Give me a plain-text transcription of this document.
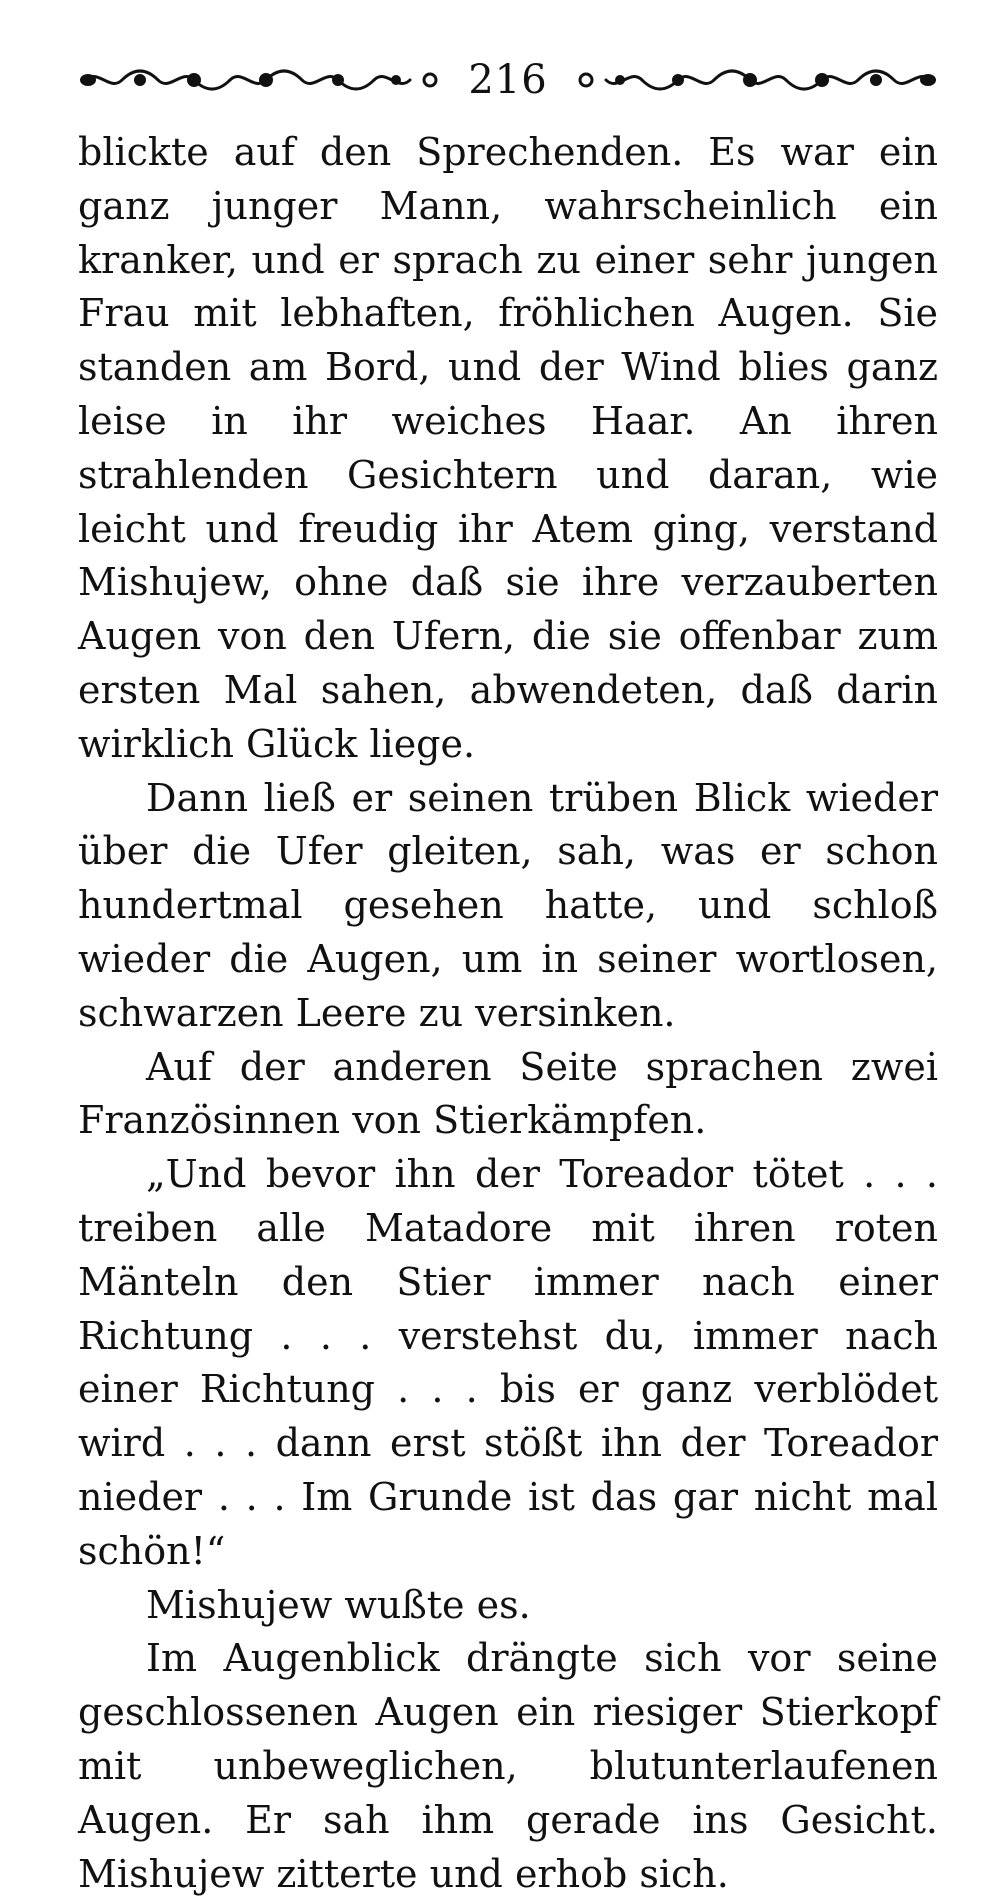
216

blickte auf den Sprechenden. Es war ein ganz junger Mann, wahrscheinlich ein kranker, und er sprach zu einer sehr jungen Frau mit lebhaften, fröhlichen Augen. Sie standen am Bord, und der Wind blies ganz leise in ihr weiches Haar. An ihren strahlenden Gesichtern und daran, wie leicht und freudig ihr Atem ging, verstand Mishujew, ohne daß sie ihre verzauberten Augen von den Ufern, die sie offenbar zum ersten Mal sahen, abwendeten, daß darin wirklich Glück liege.

Dann ließ er seinen trüben Blick wieder über die Ufer gleiten, sah, was er schon hundertmal gesehen hatte, und schloß wieder die Augen, um in seiner wortlosen, schwarzen Leere zu versinken.

Auf der anderen Seite sprachen zwei Französinnen von Stierkämpfen.

„Und bevor ihn der Toreador tötet . . . treiben alle Matadore mit ihren roten Mänteln den Stier immer nach einer Richtung . . . verstehst du, immer nach einer Richtung . . . bis er ganz verblödet wird . . . dann erst stößt ihn der Toreador nieder . . . Im Grunde ist das gar nicht mal schön!“

Mishujew wußte es.

Im Augenblick drängte sich vor seine geschlossenen Augen ein riesiger Stierkopf mit unbeweglichen, blutunterlaufenen Augen. Er sah ihm gerade ins Gesicht. Mishujew zitterte und erhob sich.
